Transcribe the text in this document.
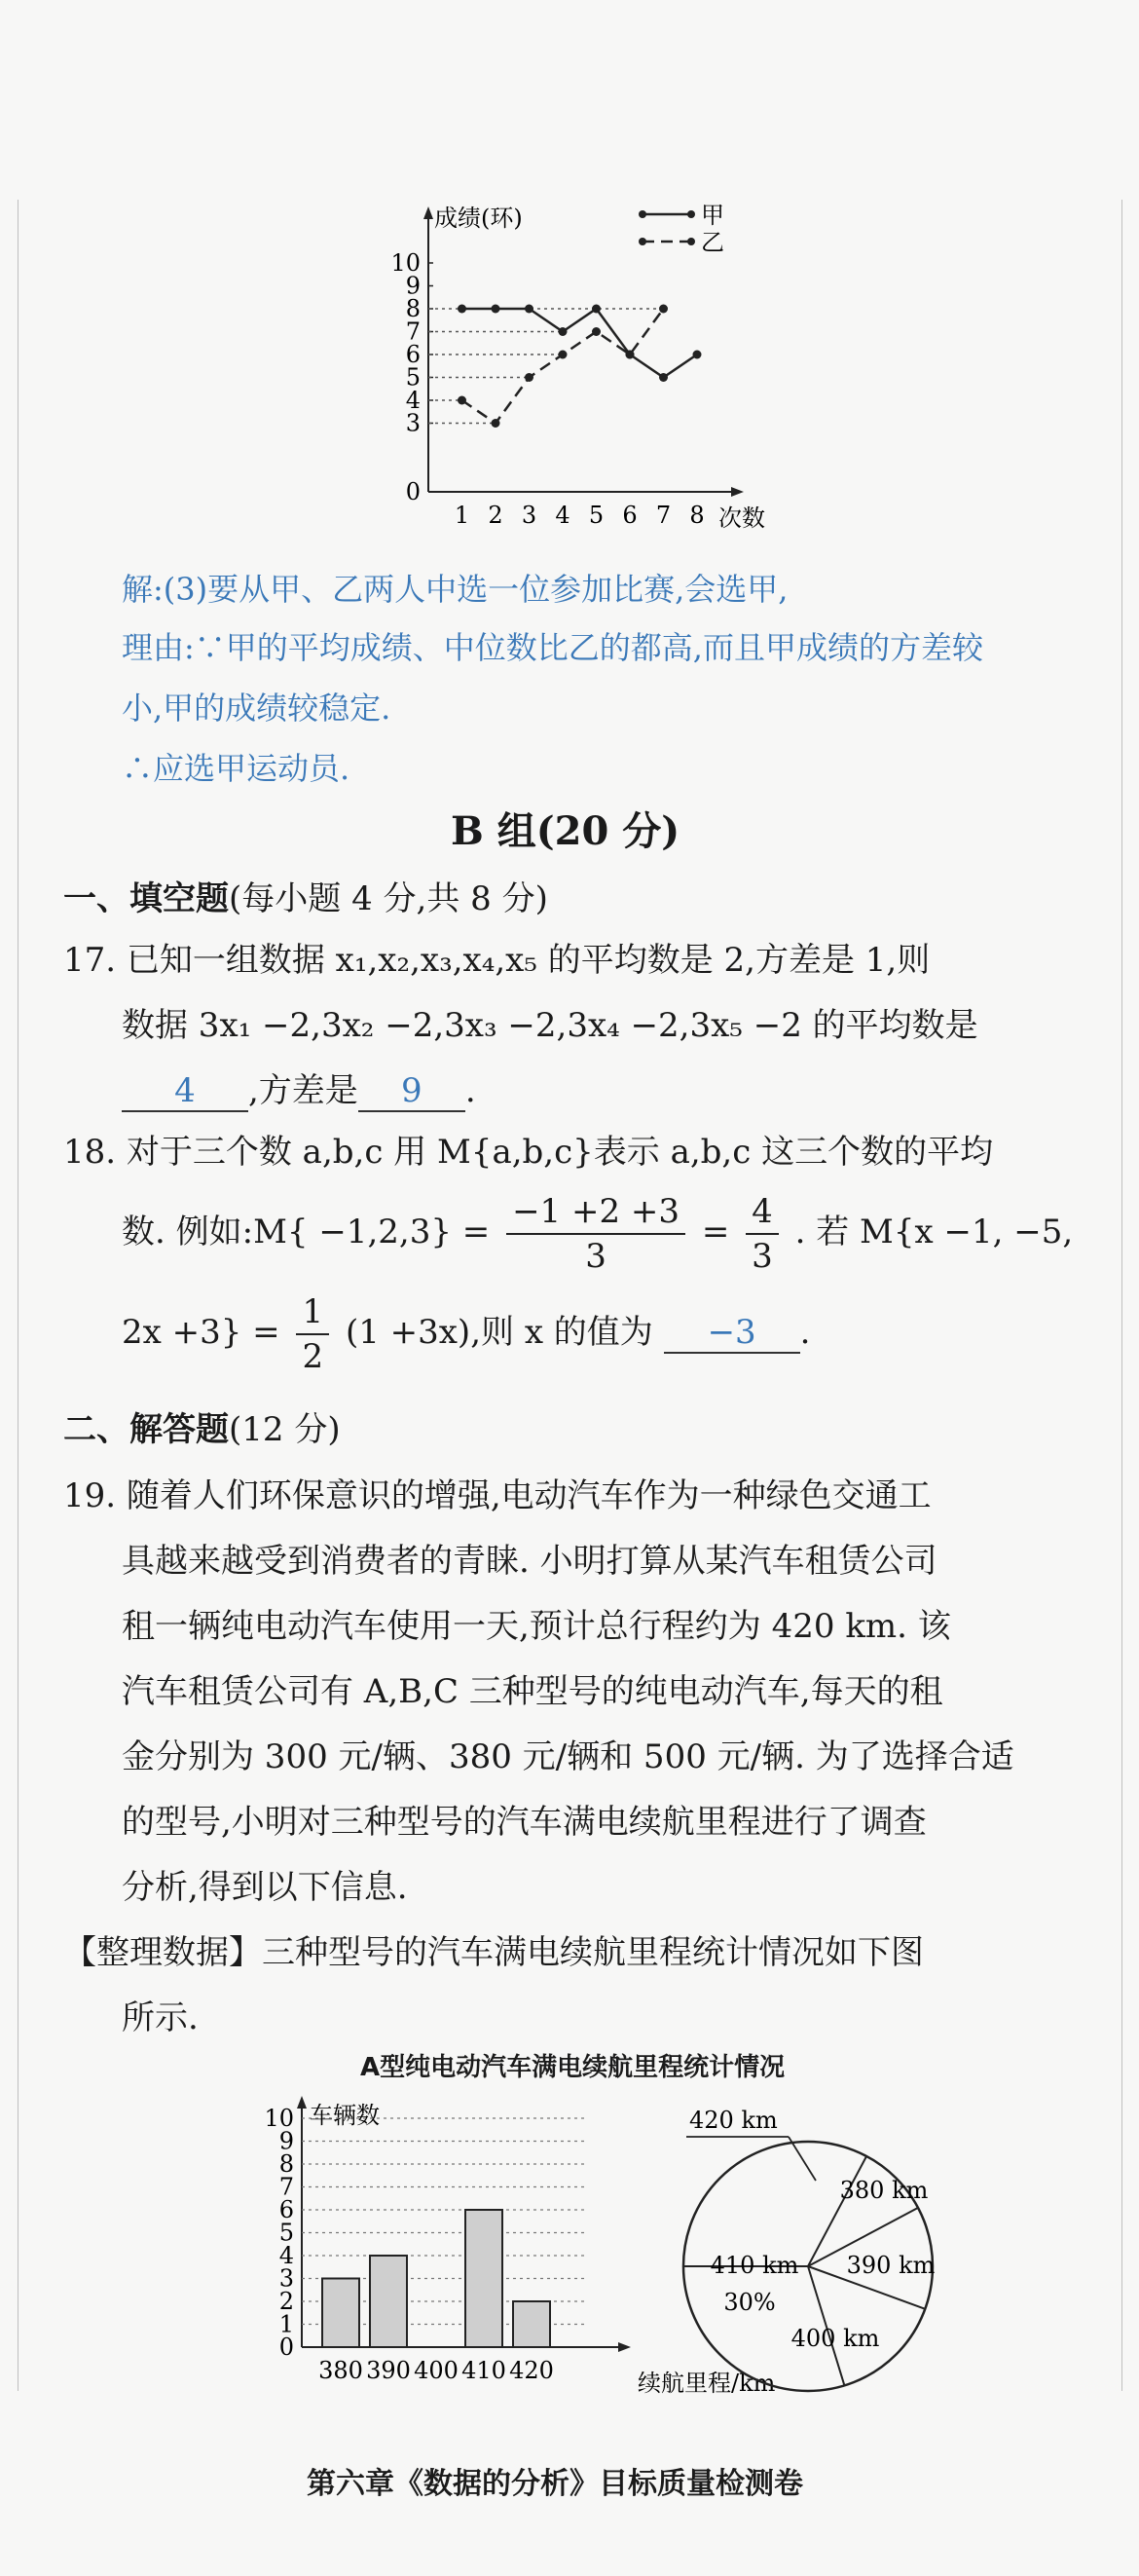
成绩(环)
次数
0
3
4
5
6
7
8
9
10
1 2 3 4 5 6 7 8
甲
乙
解:(3)要从甲、乙两人中选一位参加比赛,会选甲,
理由:∵甲的平均成绩、中位数比乙的都高,而且甲成绩的方差较
小,甲的成绩较稳定.
∴应选甲运动员.
B 组(20 分)
一、填空题(每小题 4 分,共 8 分)
17. 已知一组数据 x₁,x₂,x₃,x₄,x₅ 的平均数是 2,方差是 1,则
数据 3x₁ −2,3x₂ −2,3x₃ −2,3x₄ −2,3x₅ −2 的平均数是
4 ,方差是 9 .
18. 对于三个数 a,b,c 用 M{a,b,c}表示 a,b,c 这三个数的平均
数. 例如:M{ $-1,2,3\} = \frac{-1 +2 +3}{3} = \frac{4}{3}$ . 若 M{x −1, −5,
$2x +3\} = \frac{1}{2} (1 +3x)$,则 x 的值为 −3 .
二、解答题(12 分)
19. 随着人们环保意识的增强,电动汽车作为一种绿色交通工
具越来越受到消费者的青睐. 小明打算从某汽车租赁公司
租一辆纯电动汽车使用一天,预计总行程约为 420 km. 该
汽车租赁公司有 A,B,C 三种型号的纯电动汽车,每天的租
金分别为 300 元/辆、380 元/辆和 500 元/辆. 为了选择合适
的型号,小明对三种型号的汽车满电续航里程进行了调查
分析,得到以下信息.
【整理数据】三种型号的汽车满电续航里程统计情况如下图
所示.
A型纯电动汽车满电续航里程统计情况
车辆数
续航里程/km
0
1
2
3
4
5
6
7
8
9
10
380 390 400 410 420
420 km
380 km
390 km
400 km
410 km
30%
第六章《数据的分析》目标质量检测卷
